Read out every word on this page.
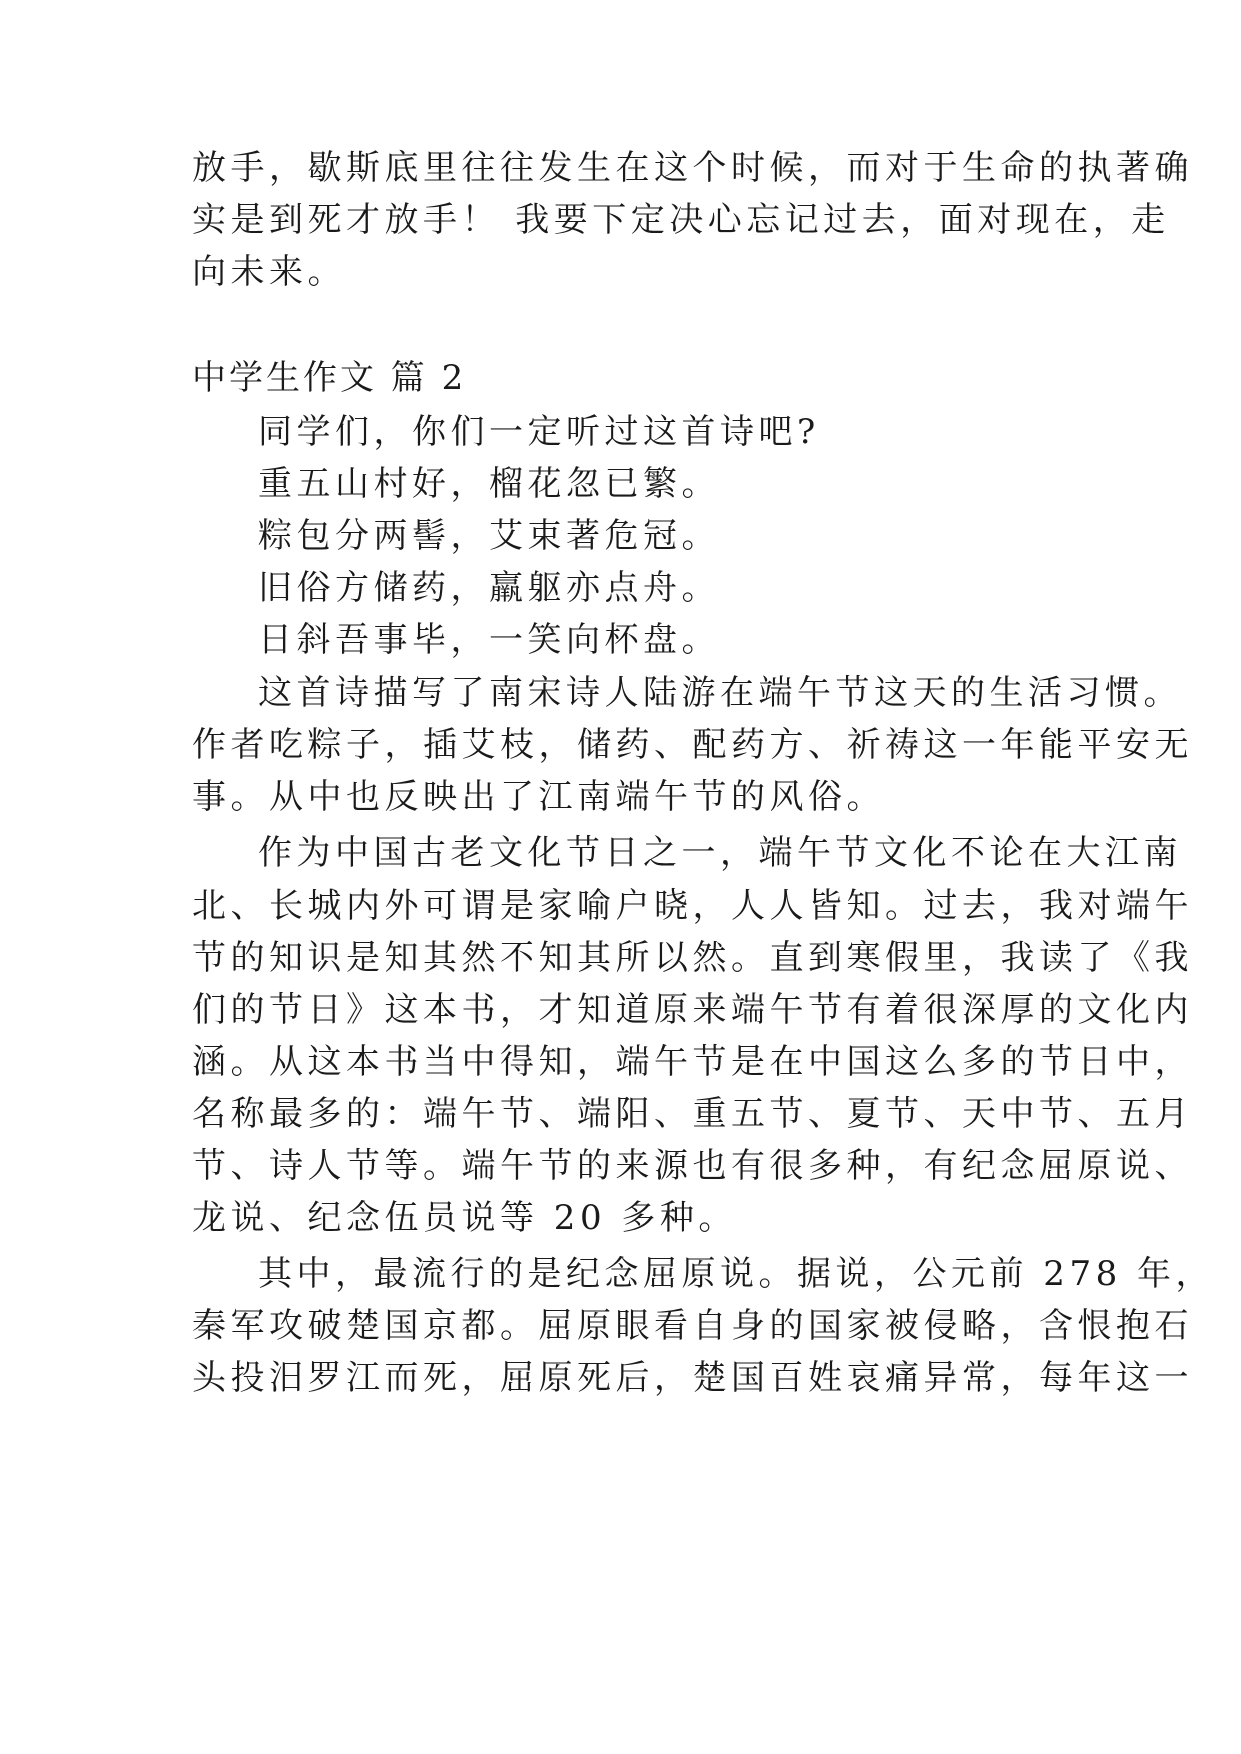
放手，歇斯底里往往发生在这个时候，而对于生命的执著确
实是到死才放手！ 我要下定决心忘记过去，面对现在，走
向未来。
中学生作文 篇 2
同学们，你们一定听过这首诗吧?
重五山村好，榴花忽已繁。
粽包分两髻，艾束著危冠。
旧俗方储药，羸躯亦点舟。
日斜吾事毕，一笑向杯盘。
这首诗描写了南宋诗人陆游在端午节这天的生活习惯。
作者吃粽子，插艾枝，储药、配药方、祈祷这一年能平安无
事。从中也反映出了江南端午节的风俗。
作为中国古老文化节日之一，端午节文化不论在大江南
北、长城内外可谓是家喻户晓，人人皆知。过去，我对端午
节的知识是知其然不知其所以然。直到寒假里，我读了《我
们的节日》这本书，才知道原来端午节有着很深厚的文化内
涵。从这本书当中得知，端午节是在中国这么多的节日中，
名称最多的：端午节、端阳、重五节、夏节、天中节、五月
节、诗人节等。端午节的来源也有很多种，有纪念屈原说、
龙说、纪念伍员说等 20 多种。
其中，最流行的是纪念屈原说。据说，公元前 278 年，
秦军攻破楚国京都。屈原眼看自身的国家被侵略，含恨抱石
头投汨罗江而死，屈原死后，楚国百姓哀痛异常，每年这一
